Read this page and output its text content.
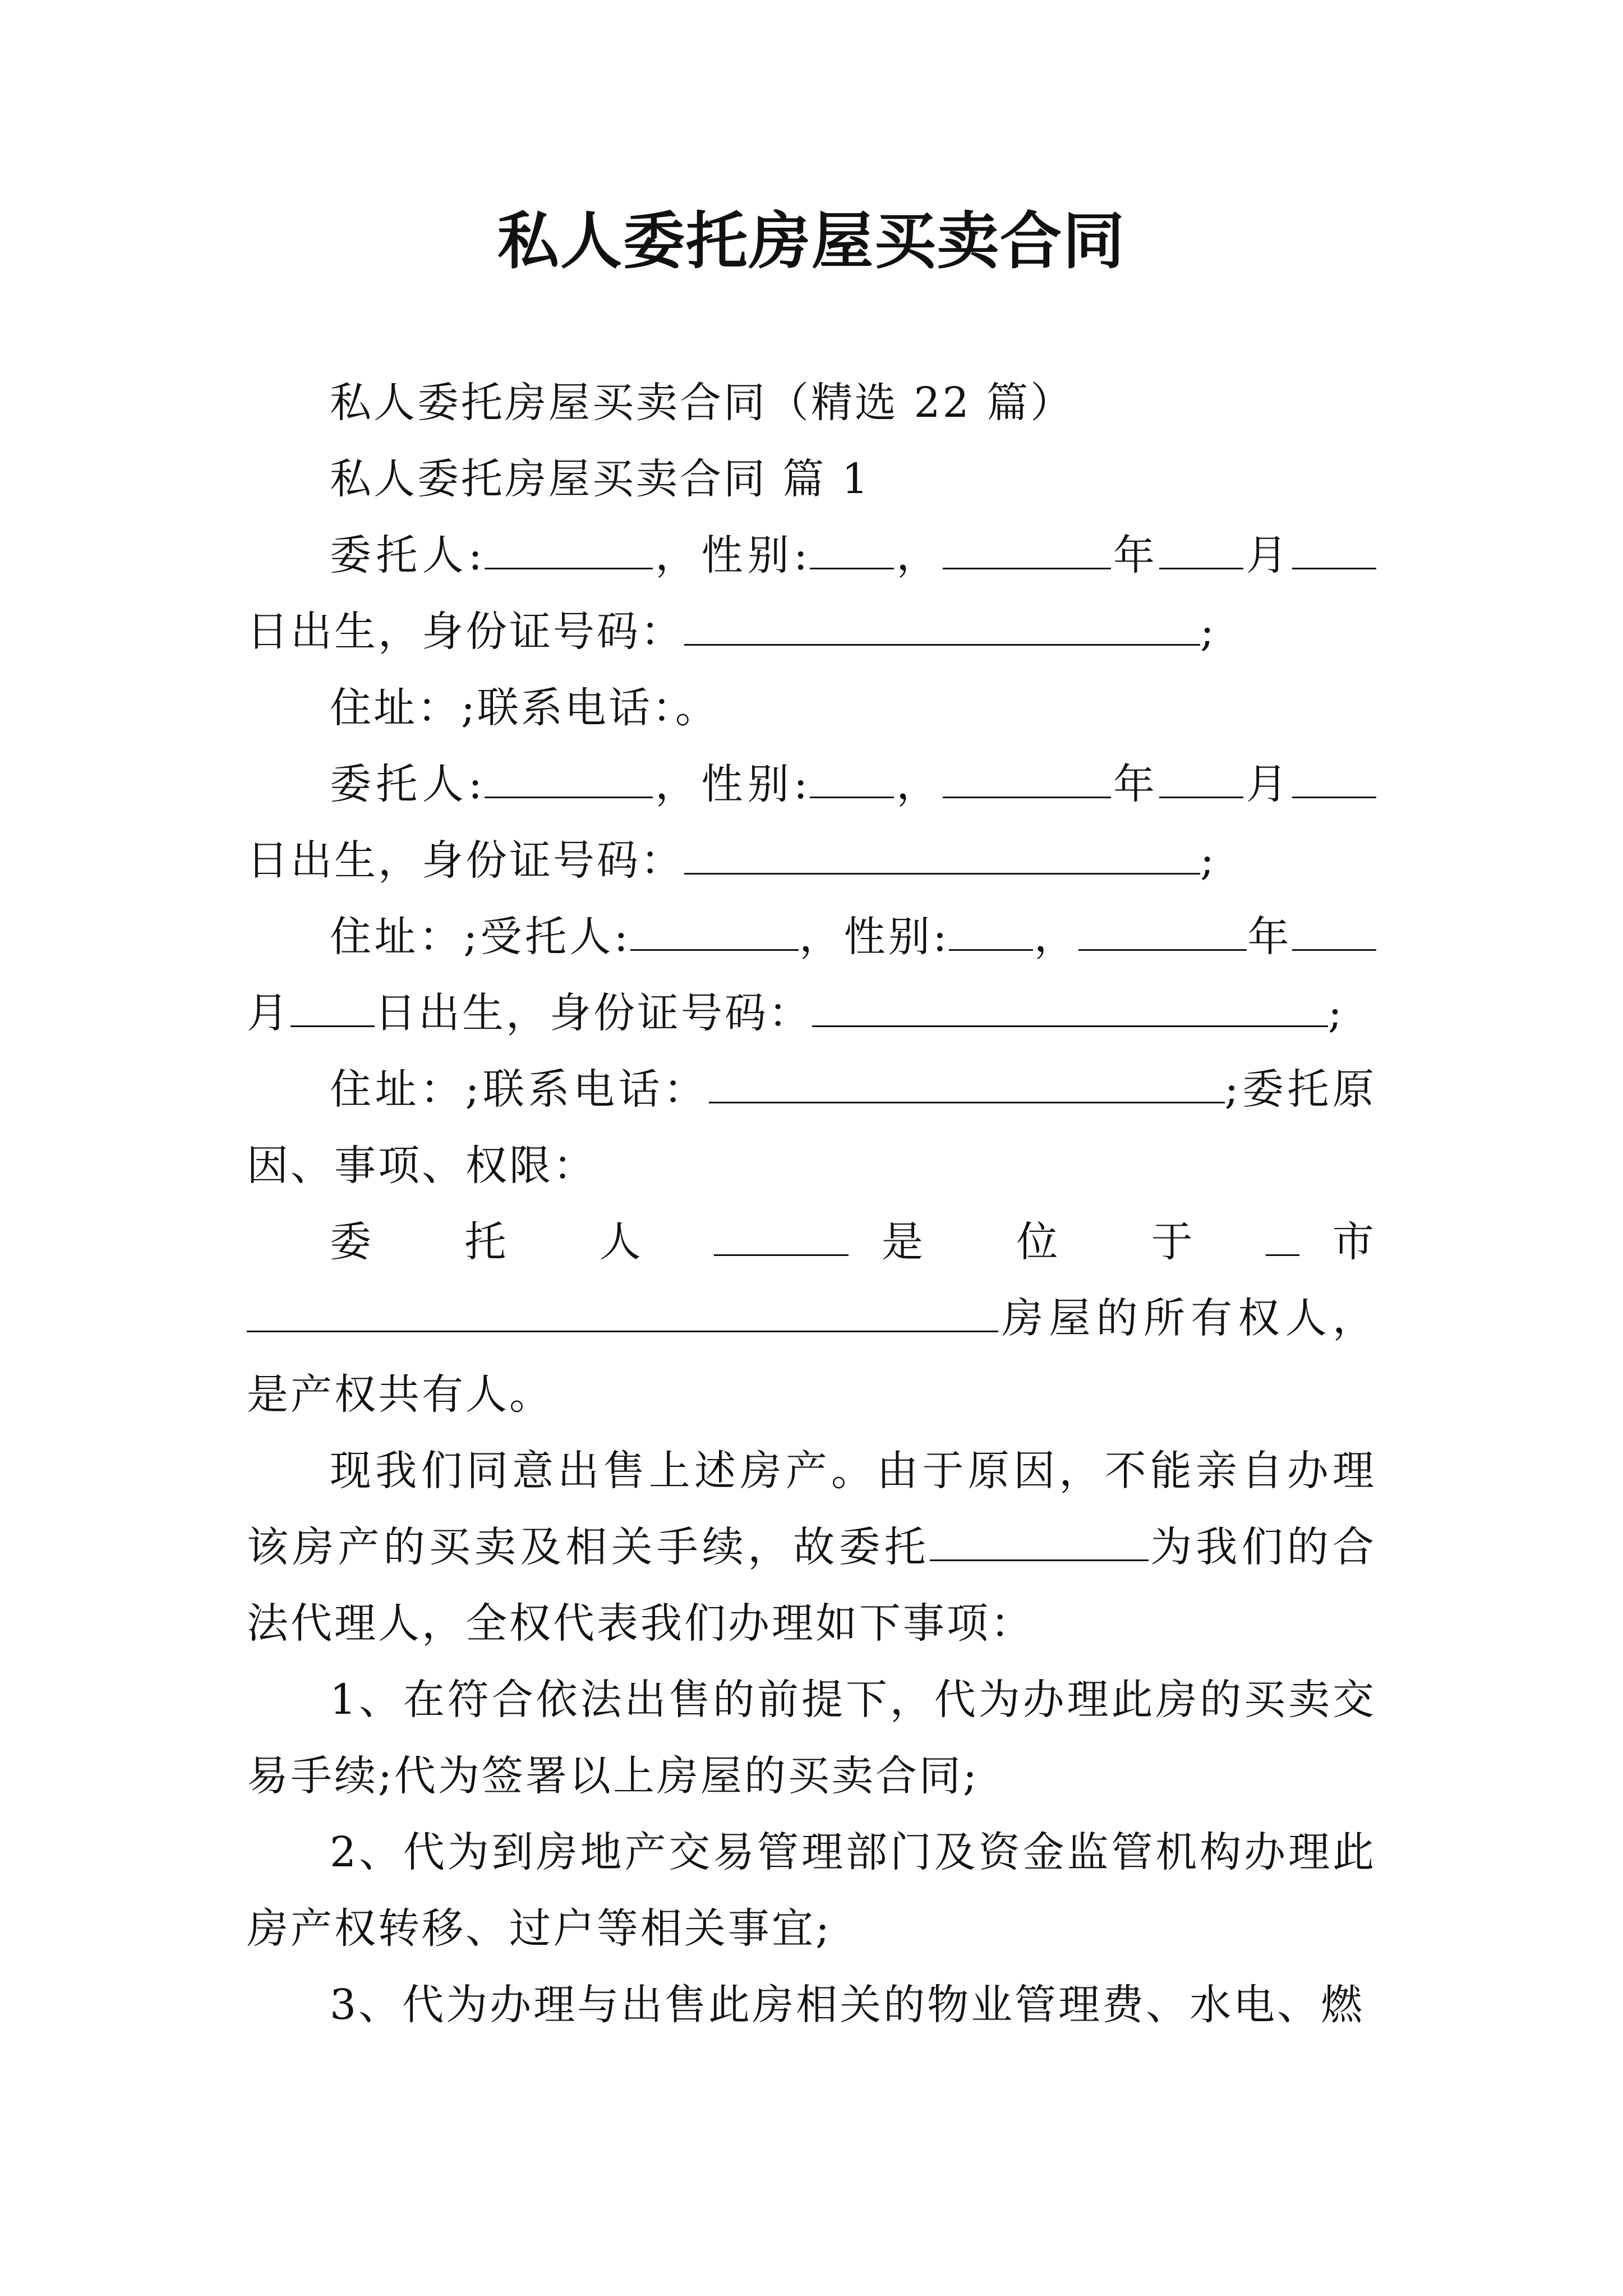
私人委托房屋买卖合同

私人委托房屋买卖合同（精选 22 篇）

私人委托房屋买卖合同 篇 1

委托人:	，性别: ，	年 月日出生，身份证号码：	;

住址：;联系电话：。

委托人:	，性别: ，	年 月日出生，身份证号码：	;

住址：;受托人:	，性别: ，	年月 日出生，身份证号码：	;

住址：;联系电话：	;委托原因、事项、权限：

委 托 人	是 位 于 市房屋的所有权人，是产权共有人。

现我们同意出售上述房产。由于原因，不能亲自办理该房产的买卖及相关手续，故委托	为我们的合法代理人，全权代表我们办理如下事项：

1、在符合依法出售的前提下，代为办理此房的买卖交易手续;代为签署以上房屋的买卖合同;

2、代为到房地产交易管理部门及资金监管机构办理此房产权转移、过户等相关事宜;

3、代为办理与出售此房相关的物业管理费、水电、燃
